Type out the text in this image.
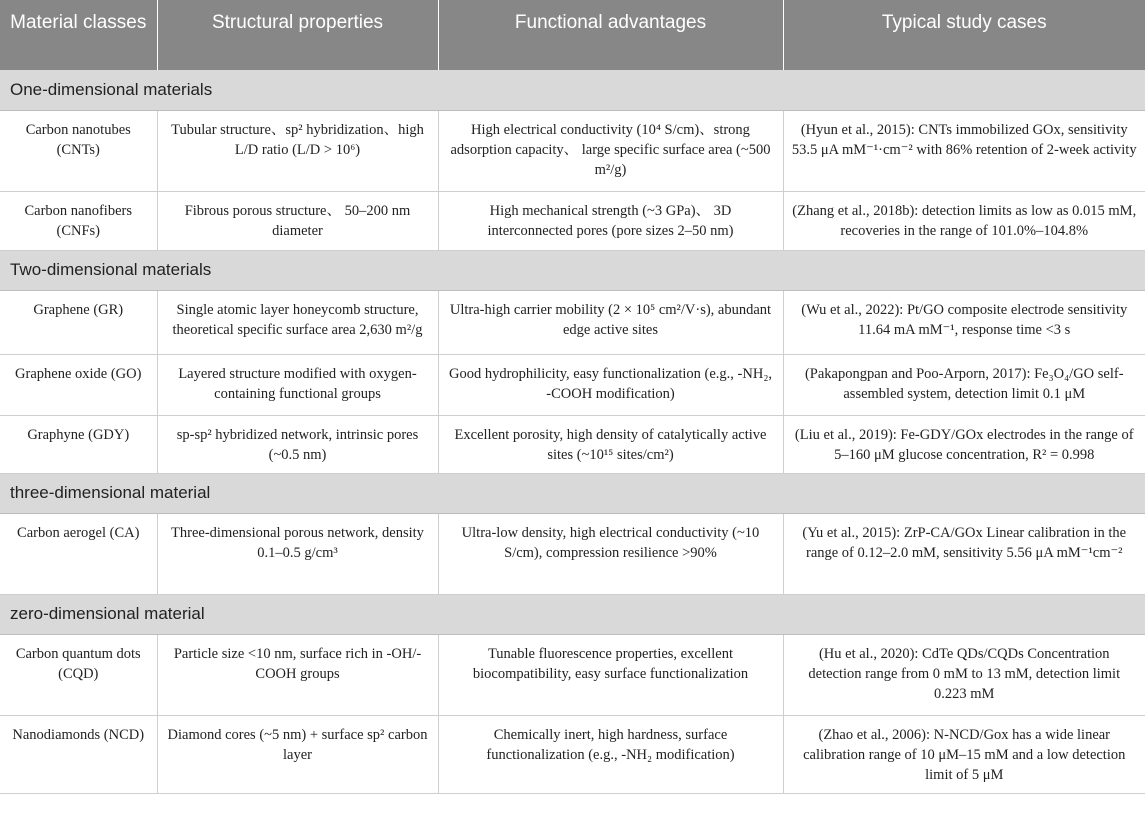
Material classes	Structural properties	Functional advantages	Typical study cases
One-dimensional materials			
Carbon nanotubes (CNTs)	Tubular structure、sp² hybridization、high L/D ratio (L/D > 10⁶)	High electrical conductivity (10⁴ S/cm)、strong adsorption capacity、 large specific surface area (~500 m²/g)	(Hyun et al., 2015): CNTs immobilized GOx, sensitivity 53.5 μA mM⁻¹·cm⁻² with 86% retention of 2-week activity
Carbon nanofibers (CNFs)	Fibrous porous structure、 50–200 nm diameter	High mechanical strength (~3 GPa)、 3D interconnected pores (pore sizes 2–50 nm)	(Zhang et al., 2018b): detection limits as low as 0.015 mM, recoveries in the range of 101.0%–104.8%
Two-dimensional materials			
Graphene (GR)	Single atomic layer honeycomb structure, theoretical specific surface area 2,630 m²/g	Ultra-high carrier mobility (2 × 10⁵ cm²/V·s), abundant edge active sites	(Wu et al., 2022): Pt/GO composite electrode sensitivity 11.64 mA mM⁻¹, response time <3 s
Graphene oxide (GO)	Layered structure modified with oxygen-containing functional groups	Good hydrophilicity, easy functionalization (e.g., -NH₂, -COOH modification)	(Pakapongpan and Poo-Arporn, 2017): Fe₃O₄/GO self-assembled system, detection limit 0.1 μM
Graphyne (GDY)	sp-sp² hybridized network, intrinsic pores (~0.5 nm)	Excellent porosity, high density of catalytically active sites (~10¹⁵ sites/cm²)	(Liu et al., 2019): Fe-GDY/GOx electrodes in the range of 5–160 μM glucose concentration, R² = 0.998
three-dimensional material			
Carbon aerogel (CA)	Three-dimensional porous network, density 0.1–0.5 g/cm³	Ultra-low density, high electrical conductivity (~10 S/cm), compression resilience >90%	(Yu et al., 2015): ZrP-CA/GOx Linear calibration in the range of 0.12–2.0 mM, sensitivity 5.56 μA mM⁻¹cm⁻²
zero-dimensional material			
Carbon quantum dots (CQD)	Particle size <10 nm, surface rich in -OH/-COOH groups	Tunable fluorescence properties, excellent biocompatibility, easy surface functionalization	(Hu et al., 2020): CdTe QDs/CQDs Concentration detection range from 0 mM to 13 mM, detection limit 0.223 mM
Nanodiamonds (NCD)	Diamond cores (~5 nm) + surface sp² carbon layer	Chemically inert, high hardness, surface functionalization (e.g., -NH₂ modification)	(Zhao et al., 2006): N-NCD/Gox has a wide linear calibration range of 10 μM–15 mM and a low detection limit of 5 μM
